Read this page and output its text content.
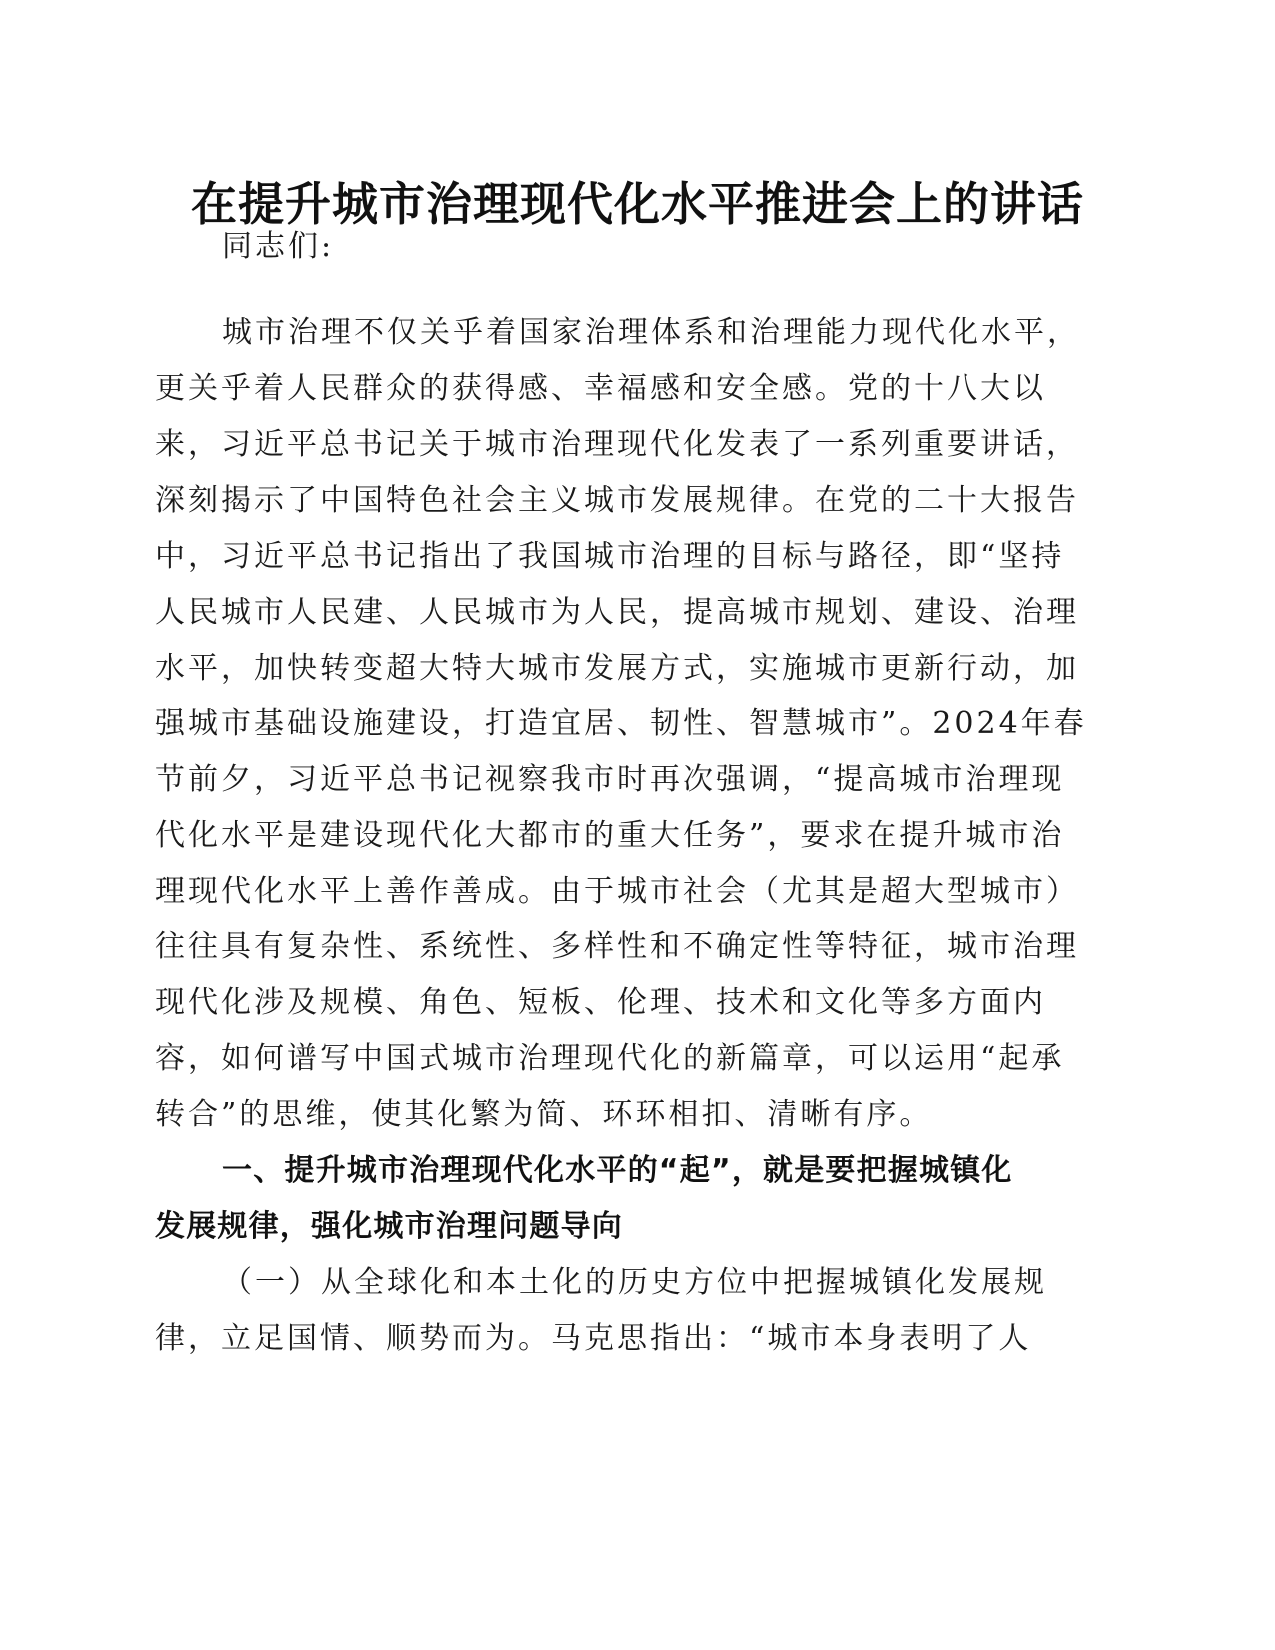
在提升城市治理现代化水平推进会上的讲话

同志们:

城市治理不仅关乎着国家治理体系和治理能力现代化水平，

更关乎着人民群众的获得感、幸福感和安全感。党的十八大以

来，习近平总书记关于城市治理现代化发表了一系列重要讲话，

深刻揭示了中国特色社会主义城市发展规律。在党的二十大报告

中，习近平总书记指出了我国城市治理的目标与路径，即“坚持

人民城市人民建、人民城市为人民，提高城市规划、建设、治理

水平，加快转变超大特大城市发展方式，实施城市更新行动，加

强城市基础设施建设，打造宜居、韧性、智慧城市”。2024年春

节前夕，习近平总书记视察我市时再次强调，“提高城市治理现

代化水平是建设现代化大都市的重大任务”，要求在提升城市治

理现代化水平上善作善成。由于城市社会（尤其是超大型城市）

往往具有复杂性、系统性、多样性和不确定性等特征，城市治理

现代化涉及规模、角色、短板、伦理、技术和文化等多方面内

容，如何谱写中国式城市治理现代化的新篇章，可以运用“起承

转合”的思维，使其化繁为简、环环相扣、清晰有序。

一、提升城市治理现代化水平的“起”，就是要把握城镇化

发展规律，强化城市治理问题导向

（一）从全球化和本土化的历史方位中把握城镇化发展规

律，立足国情、顺势而为。马克思指出：“城市本身表明了人
